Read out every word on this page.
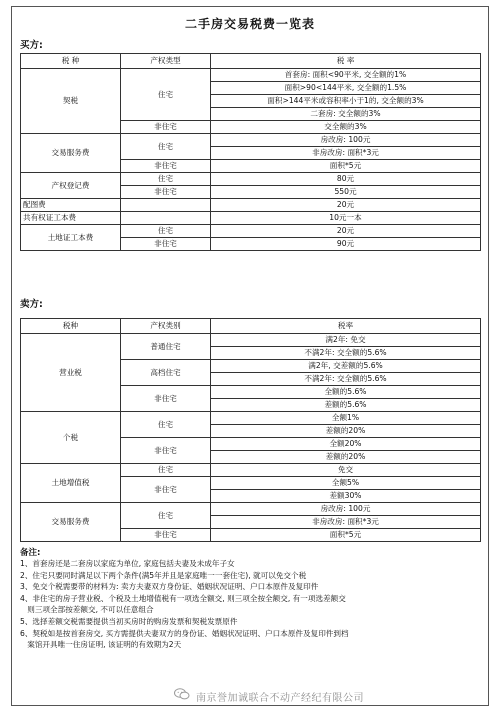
二手房交易税费一览表
买方:
税 种	产权类型	税 率
契税	住宅	首套房: 面积<90平米, 交全额的1%
		面积>90<144平米, 交全额的1.5%
		面积>144平米或容积率小于1的, 交全额的3%
		二套房: 交全额的3%
	非住宅	交全额的3%
交易服务费	住宅	房改房: 100元
		非房改房: 面积*3元
	非住宅	面积*5元
产权登记费	住宅	80元
	非住宅	550元
配图费		20元
共有权证工本费		10元一本
土地证工本费	住宅	20元
	非住宅	90元

卖方:
税种	产权类别	税率
营业税	普通住宅	满2年: 免交
		不满2年: 交全额的5.6%
	高档住宅	满2年, 交差额的5.6%
		不满2年: 交全额的5.6%
	非住宅	全额的5.6%
		差额的5.6%
个税	住宅	全额1%
		差额的20%
	非住宅	全额20%
		差额的20%
土地增值税	住宅	免交
	非住宅	全额5%
		差额30%
交易服务费	住宅	房改房: 100元
		非房改房: 面积*3元
	非住宅	面积*5元
备注:
1、首套房还是二套房以家庭为单位, 家庭包括夫妻及未成年子女
2、住宅只要同时满足以下两个条件(满5年并且是家庭唯一一套住宅), 就可以免交个税
3、免交个税需要带的材料为: 卖方夫妻双方身份证、婚姻状况证明、户口本原件及复印件
4、非住宅的房子营业税、个税及土地增值税有一项选全额交, 则三项全按全额交, 有一项选差额交
则三项全部按差额交, 不可以任意组合
5、选择差额交税需要提供当初买房时的购房发票和契税发票原件
6、契税如是按首套房交, 买方需提供夫妻双方的身份证、婚姻状况证明、户口本原件及复印件到档
案馆开具唯一住房证明, 该证明的有效期为2天
南京誉加诚联合不动产经纪有限公司
